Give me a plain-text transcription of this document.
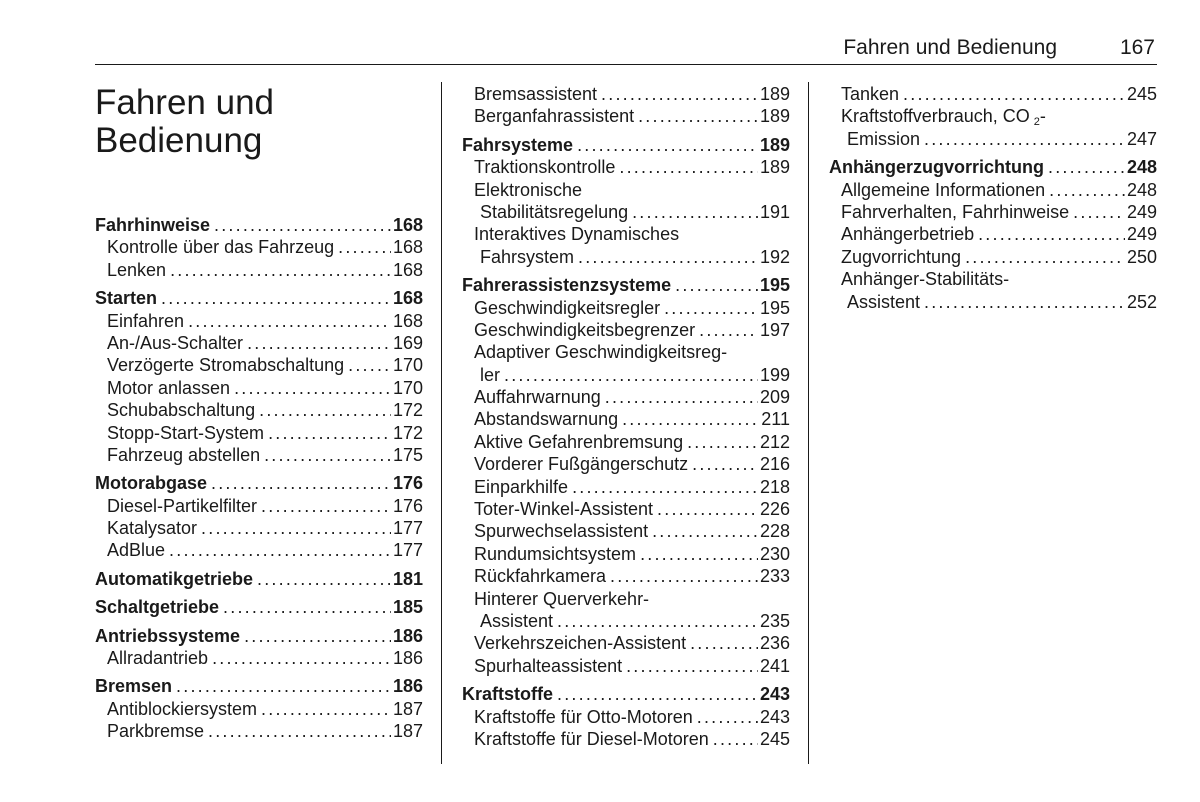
Fahren und Bedienung	167
Fahren und
Bedienung
Fahrhinweise .....	168
Kontrolle über das Fahrzeug .....	168
Lenken .....	168
Starten .....	168
Einfahren .....	168
An-/Aus-Schalter .....	169
Verzögerte Stromabschaltung .....	170
Motor anlassen .....	170
Schubabschaltung .....	172
Stopp-Start-System .....	172
Fahrzeug abstellen .....	175
Motorabgase .....	176
Diesel-Partikelfilter .....	176
Katalysator .....	177
AdBlue .....	177
Automatikgetriebe .....	181
Schaltgetriebe .....	185
Antriebssysteme .....	186
Allradantrieb .....	186
Bremsen .....	186
Antiblockiersystem .....	187
Parkbremse .....	187
Bremsassistent .....	189
Berganfahrassistent .....	189
Fahrsysteme .....	189
Traktionskontrolle .....	189
Elektronische
Stabilitätsregelung .....	191
Interaktives Dynamisches
Fahrsystem .....	192
Fahrerassistenzsysteme .....	195
Geschwindigkeitsregler .....	195
Geschwindigkeitsbegrenzer .....	197
Adaptiver Geschwindigkeitsreg-
ler .....	199
Auffahrwarnung .....	209
Abstandswarnung .....	211
Aktive Gefahrenbremsung .....	212
Vorderer Fußgängerschutz .....	216
Einparkhilfe .....	218
Toter-Winkel-Assistent .....	226
Spurwechselassistent .....	228
Rundumsichtsystem .....	230
Rückfahrkamera .....	233
Hinterer Querverkehr-
Assistent .....	235
Verkehrszeichen-Assistent .....	236
Spurhalteassistent .....	241
Kraftstoffe .....	243
Kraftstoffe für Otto-Motoren .....	243
Kraftstoffe für Diesel-Motoren .....	245
Tanken .....	245
Kraftstoffverbrauch, CO $_2$-
Emission .....	247
Anhängerzugvorrichtung .....	248
Allgemeine Informationen .....	248
Fahrverhalten, Fahrhinweise .....	249
Anhängerbetrieb .....	249
Zugvorrichtung .....	250
Anhänger-Stabilitäts-
Assistent .....	252
